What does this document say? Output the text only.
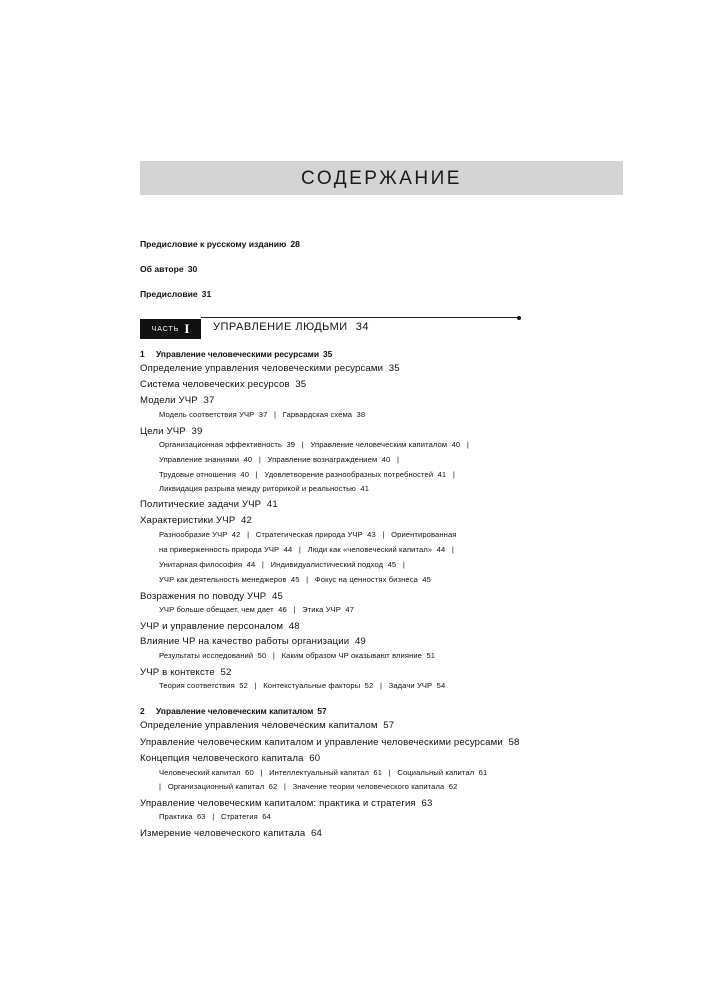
СОДЕРЖАНИЕ
Предисловие к русскому изданию 28
Об авторе 30
Предисловие 31
ЧАСТЬ I УПРАВЛЕНИЕ ЛЮДЬМИ 34
1 Управление человеческими ресурсами 35
Определение управления человеческими ресурсами  35
Система человеческих ресурсов  35
Модели УЧР  37
Модель соответствия УЧР  37   |   Гарвардская схема  38
Цели УЧР  39
Организационная эффективность  39   |   Управление человеческим капиталом  40   |
Управление знаниями  40   |   Управление вознаграждением  40   |
Трудовые отношения  40   |   Удовлетворение разнообразных потребностей  41   |
Ликвидация разрыва между риторикой и реальностью  41
Политические задачи УЧР  41
Характеристики УЧР  42
Разнообразие УЧР  42   |   Стратегическая природа УЧР  43   |   Ориентированная
на приверженность природа УЧР  44   |   Люди как «человеческий капитал»  44   |
Унитарная философия  44   |   Индивидуалистический подход  45   |
УЧР как деятельность менеджеров  45   |   Фокус на ценностях бизнеса  45
Возражения по поводу УЧР  45
УЧР больше обещает, чем дает  46   |   Этика УЧР  47
УЧР и управление персоналом  48
Влияние ЧР на качество работы организации  49
Результаты исследований  50   |   Каким образом ЧР оказывают влияние  51
УЧР в контексте  52
Теория соответствия  52   |   Контекстуальные факторы  52   |   Задачи УЧР  54
2 Управление человеческим капиталом 57
Определение управления человеческим капиталом  57
Управление человеческим капиталом и управление человеческими ресурсами  58
Концепция человеческого капитала  60
Человеческий капитал  60   |   Интеллектуальный капитал  61   |   Социальный капитал  61
|   Организационный капитал  62   |   Значение теории человеческого капитала  62
Управление человеческим капиталом: практика и стратегия  63
Практика  63   |   Стратегия  64
Измерение человеческого капитала  64
